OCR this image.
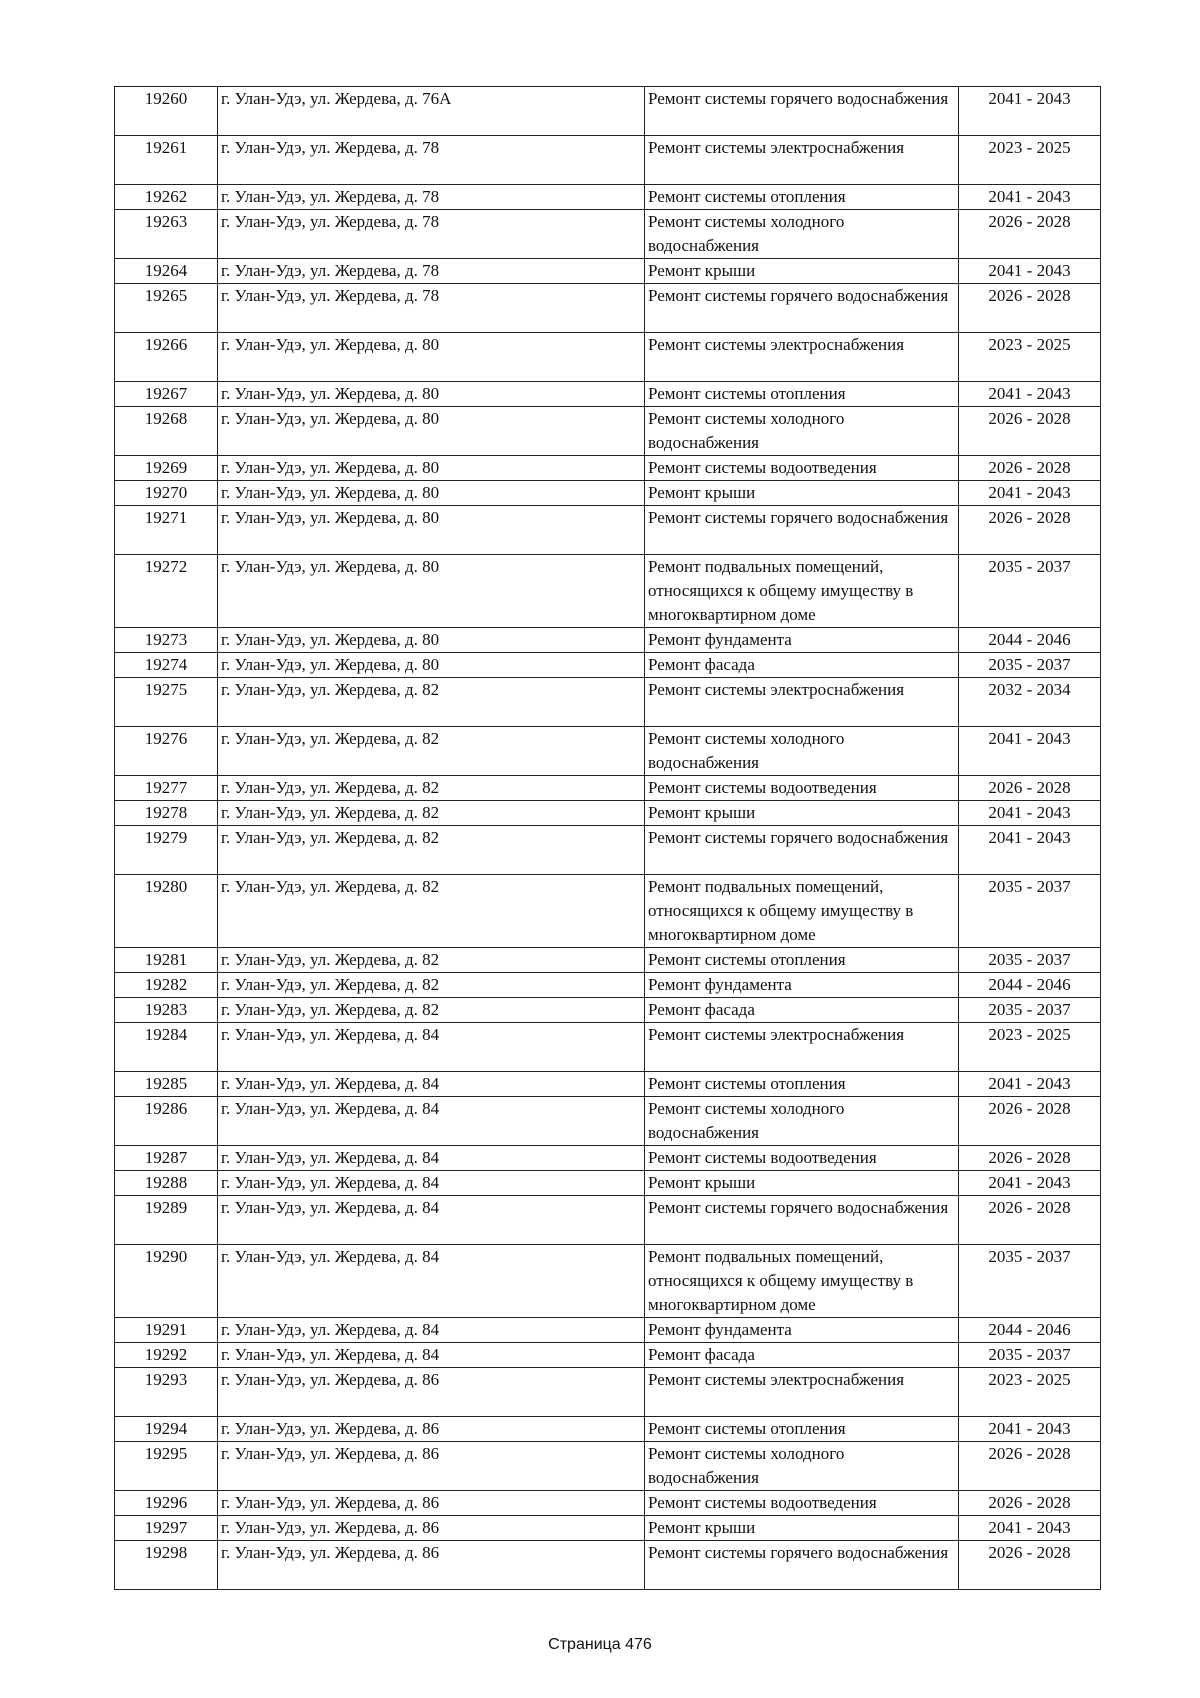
19260	г. Улан-Удэ, ул. Жердева, д. 76А	Ремонт системы горячего водоснабжения	2041 - 2043
19261	г. Улан-Удэ, ул. Жердева, д. 78	Ремонт системы электроснабжения	2023 - 2025
19262	г. Улан-Удэ, ул. Жердева, д. 78	Ремонт системы отопления	2041 - 2043
19263	г. Улан-Удэ, ул. Жердева, д. 78	Ремонт системы холодного водоснабжения	2026 - 2028
19264	г. Улан-Удэ, ул. Жердева, д. 78	Ремонт крыши	2041 - 2043
19265	г. Улан-Удэ, ул. Жердева, д. 78	Ремонт системы горячего водоснабжения	2026 - 2028
19266	г. Улан-Удэ, ул. Жердева, д. 80	Ремонт системы электроснабжения	2023 - 2025
19267	г. Улан-Удэ, ул. Жердева, д. 80	Ремонт системы отопления	2041 - 2043
19268	г. Улан-Удэ, ул. Жердева, д. 80	Ремонт системы холодного водоснабжения	2026 - 2028
19269	г. Улан-Удэ, ул. Жердева, д. 80	Ремонт системы водоотведения	2026 - 2028
19270	г. Улан-Удэ, ул. Жердева, д. 80	Ремонт крыши	2041 - 2043
19271	г. Улан-Удэ, ул. Жердева, д. 80	Ремонт системы горячего водоснабжения	2026 - 2028
19272	г. Улан-Удэ, ул. Жердева, д. 80	Ремонт подвальных помещений, относящихся к общему имуществу в многоквартирном доме	2035 - 2037
19273	г. Улан-Удэ, ул. Жердева, д. 80	Ремонт фундамента	2044 - 2046
19274	г. Улан-Удэ, ул. Жердева, д. 80	Ремонт фасада	2035 - 2037
19275	г. Улан-Удэ, ул. Жердева, д. 82	Ремонт системы электроснабжения	2032 - 2034
19276	г. Улан-Удэ, ул. Жердева, д. 82	Ремонт системы холодного водоснабжения	2041 - 2043
19277	г. Улан-Удэ, ул. Жердева, д. 82	Ремонт системы водоотведения	2026 - 2028
19278	г. Улан-Удэ, ул. Жердева, д. 82	Ремонт крыши	2041 - 2043
19279	г. Улан-Удэ, ул. Жердева, д. 82	Ремонт системы горячего водоснабжения	2041 - 2043
19280	г. Улан-Удэ, ул. Жердева, д. 82	Ремонт подвальных помещений, относящихся к общему имуществу в многоквартирном доме	2035 - 2037
19281	г. Улан-Удэ, ул. Жердева, д. 82	Ремонт системы отопления	2035 - 2037
19282	г. Улан-Удэ, ул. Жердева, д. 82	Ремонт фундамента	2044 - 2046
19283	г. Улан-Удэ, ул. Жердева, д. 82	Ремонт фасада	2035 - 2037
19284	г. Улан-Удэ, ул. Жердева, д. 84	Ремонт системы электроснабжения	2023 - 2025
19285	г. Улан-Удэ, ул. Жердева, д. 84	Ремонт системы отопления	2041 - 2043
19286	г. Улан-Удэ, ул. Жердева, д. 84	Ремонт системы холодного водоснабжения	2026 - 2028
19287	г. Улан-Удэ, ул. Жердева, д. 84	Ремонт системы водоотведения	2026 - 2028
19288	г. Улан-Удэ, ул. Жердева, д. 84	Ремонт крыши	2041 - 2043
19289	г. Улан-Удэ, ул. Жердева, д. 84	Ремонт системы горячего водоснабжения	2026 - 2028
19290	г. Улан-Удэ, ул. Жердева, д. 84	Ремонт подвальных помещений, относящихся к общему имуществу в многоквартирном доме	2035 - 2037
19291	г. Улан-Удэ, ул. Жердева, д. 84	Ремонт фундамента	2044 - 2046
19292	г. Улан-Удэ, ул. Жердева, д. 84	Ремонт фасада	2035 - 2037
19293	г. Улан-Удэ, ул. Жердева, д. 86	Ремонт системы электроснабжения	2023 - 2025
19294	г. Улан-Удэ, ул. Жердева, д. 86	Ремонт системы отопления	2041 - 2043
19295	г. Улан-Удэ, ул. Жердева, д. 86	Ремонт системы холодного водоснабжения	2026 - 2028
19296	г. Улан-Удэ, ул. Жердева, д. 86	Ремонт системы водоотведения	2026 - 2028
19297	г. Улан-Удэ, ул. Жердева, д. 86	Ремонт крыши	2041 - 2043
19298	г. Улан-Удэ, ул. Жердева, д. 86	Ремонт системы горячего водоснабжения	2026 - 2028
Страница 476
